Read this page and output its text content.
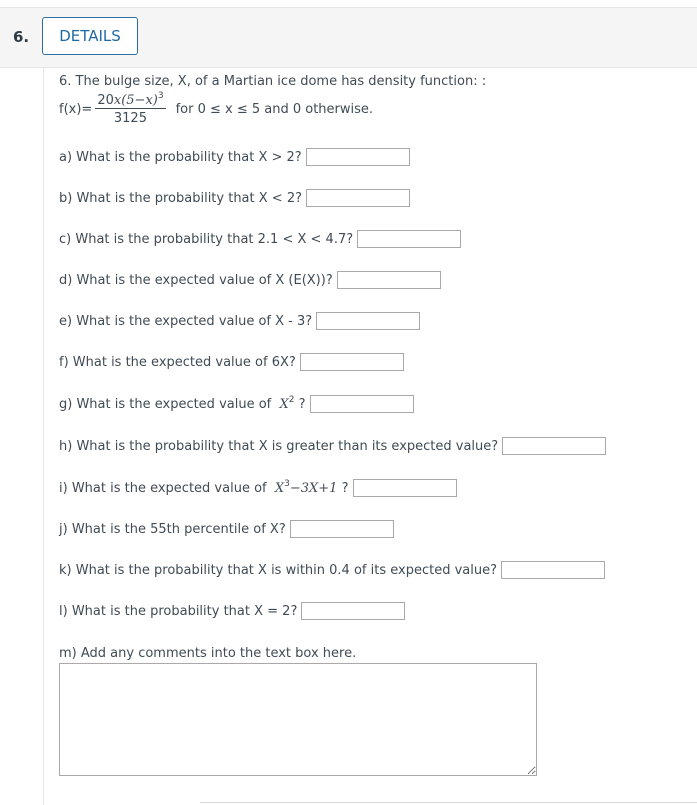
6.	DETAILS
6. The bulge size, X, of a Martian ice dome has density function: :
$f(x)= \frac{20x(5-x)^3}{3125}$ for 0 ≤ x ≤ 5 and 0 otherwise.
a) What is the probability that X > 2?
b) What is the probability that X < 2?
c) What is the probability that 2.1 < X < 4.7?
d) What is the expected value of X (E(X))?
e) What is the expected value of X - 3?
f) What is the expected value of 6X?
g) What is the expected value of $X^2$ ?
h) What is the probability that X is greater than its expected value?
i) What is the expected value of $X^3-3X+1$ ?
j) What is the 55th percentile of X?
k) What is the probability that X is within 0.4 of its expected value?
l) What is the probability that X = 2?
m) Add any comments into the text box here.
